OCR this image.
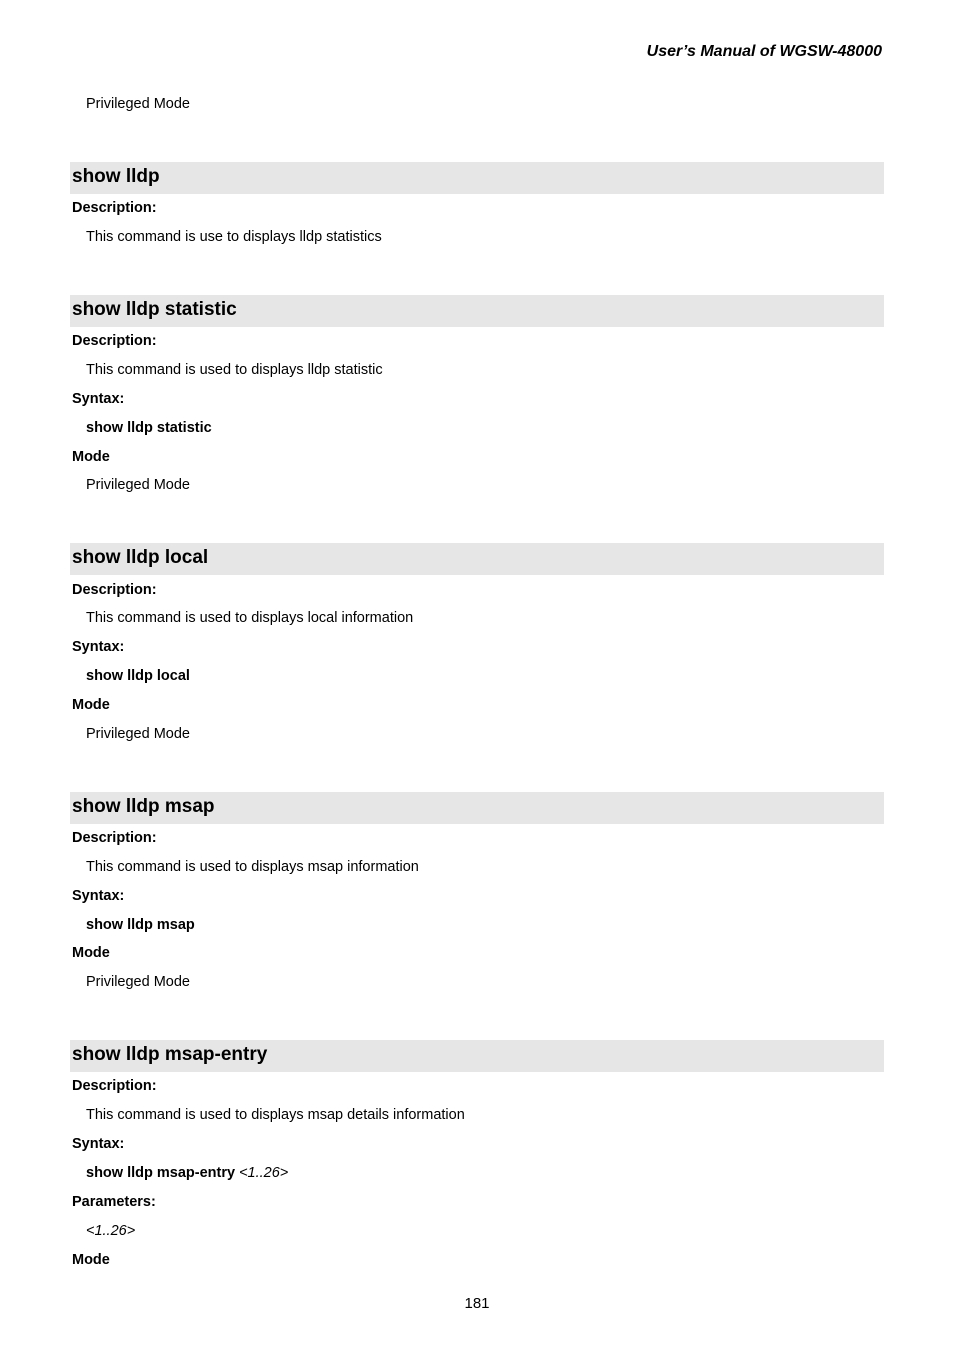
User’s Manual of WGSW-48000
Privileged Mode
show lldp
Description:
This command is use to displays lldp statistics
show lldp statistic
Description:
This command is used to displays lldp statistic
Syntax:
show lldp statistic
Mode
Privileged Mode
show lldp local
Description:
This command is used to displays local information
Syntax:
show lldp local
Mode
Privileged Mode
show lldp msap
Description:
This command is used to displays msap information
Syntax:
show lldp msap
Mode
Privileged Mode
show lldp msap-entry
Description:
This command is used to displays msap details information
Syntax:
show lldp msap-entry <1..26>
Parameters:
<1..26>
Mode
181
